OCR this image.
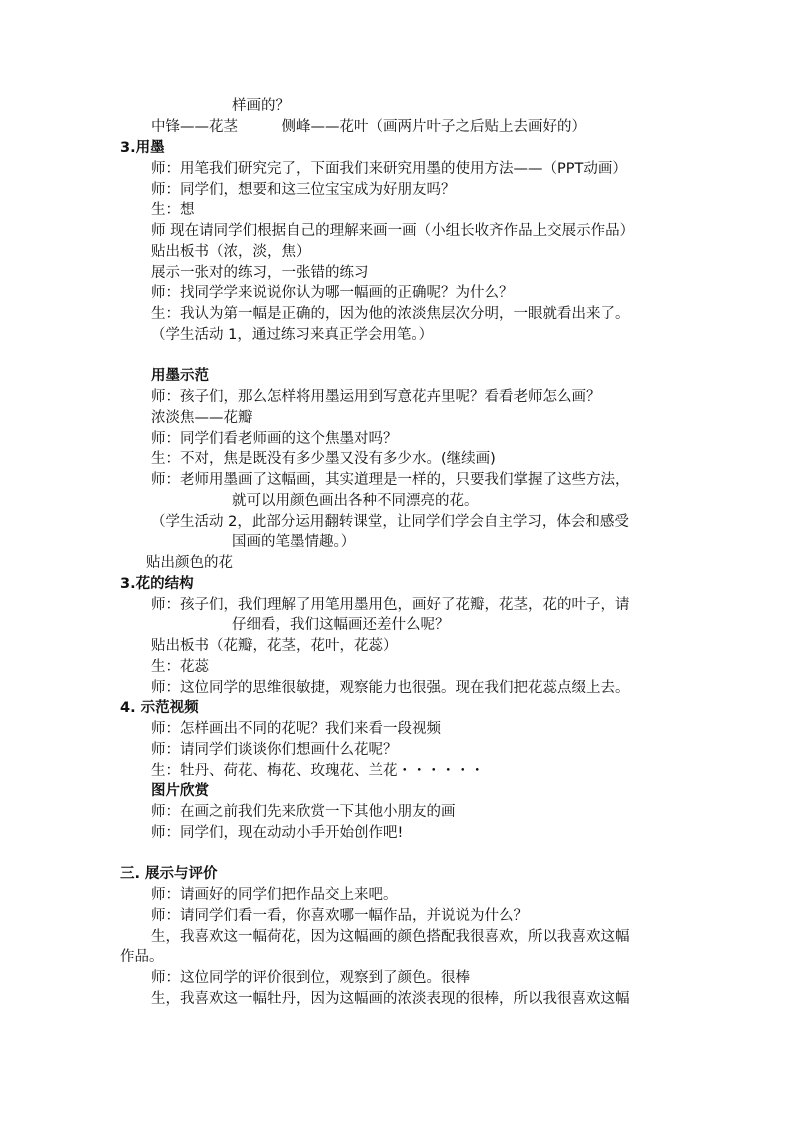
样画的？
中锋——花茎　　　侧峰——花叶（画两片叶子之后贴上去画好的）
3.用墨
师：用笔我们研究完了，下面我们来研究用墨的使用方法——（PPT动画）
师：同学们，想要和这三位宝宝成为好朋友吗？
生：想
师 现在请同学们根据自己的理解来画一画（小组长收齐作品上交展示作品）
贴出板书（浓，淡，焦）
展示一张对的练习，一张错的练习
师：找同学学来说说你认为哪一幅画的正确呢？为什么？
生：我认为第一幅是正确的，因为他的浓淡焦层次分明，一眼就看出来了。
（学生活动 1，通过练习来真正学会用笔。）
用墨示范
师：孩子们，那么怎样将用墨运用到写意花卉里呢？看看老师怎么画？
浓淡焦——花瓣
师：同学们看老师画的这个焦墨对吗？
生：不对，焦是既没有多少墨又没有多少水。(继续画)
师：老师用墨画了这幅画，其实道理是一样的，只要我们掌握了这些方法，
就可以用颜色画出各种不同漂亮的花。
（学生活动 2，此部分运用翻转课堂，让同学们学会自主学习，体会和感受
国画的笔墨情趣。）
贴出颜色的花
3.花的结构
师：孩子们，我们理解了用笔用墨用色，画好了花瓣，花茎，花的叶子，请
仔细看，我们这幅画还差什么呢？
贴出板书（花瓣，花茎，花叶，花蕊）
生：花蕊
师：这位同学的思维很敏捷，观察能力也很强。现在我们把花蕊点缀上去。
4. 示范视频
师：怎样画出不同的花呢？我们来看一段视频
师：请同学们谈谈你们想画什么花呢？
生：牡丹、荷花、梅花、玫瑰花、兰花・・・・・・
图片欣赏
师：在画之前我们先来欣赏一下其他小朋友的画
师：同学们，现在动动小手开始创作吧!
三. 展示与评价
师：请画好的同学们把作品交上来吧。
师：请同学们看一看，你喜欢哪一幅作品，并说说为什么？
生，我喜欢这一幅荷花，因为这幅画的颜色搭配我很喜欢，所以我喜欢这幅
作品。
师：这位同学的评价很到位，观察到了颜色。很棒
生，我喜欢这一幅牡丹，因为这幅画的浓淡表现的很棒，所以我很喜欢这幅
